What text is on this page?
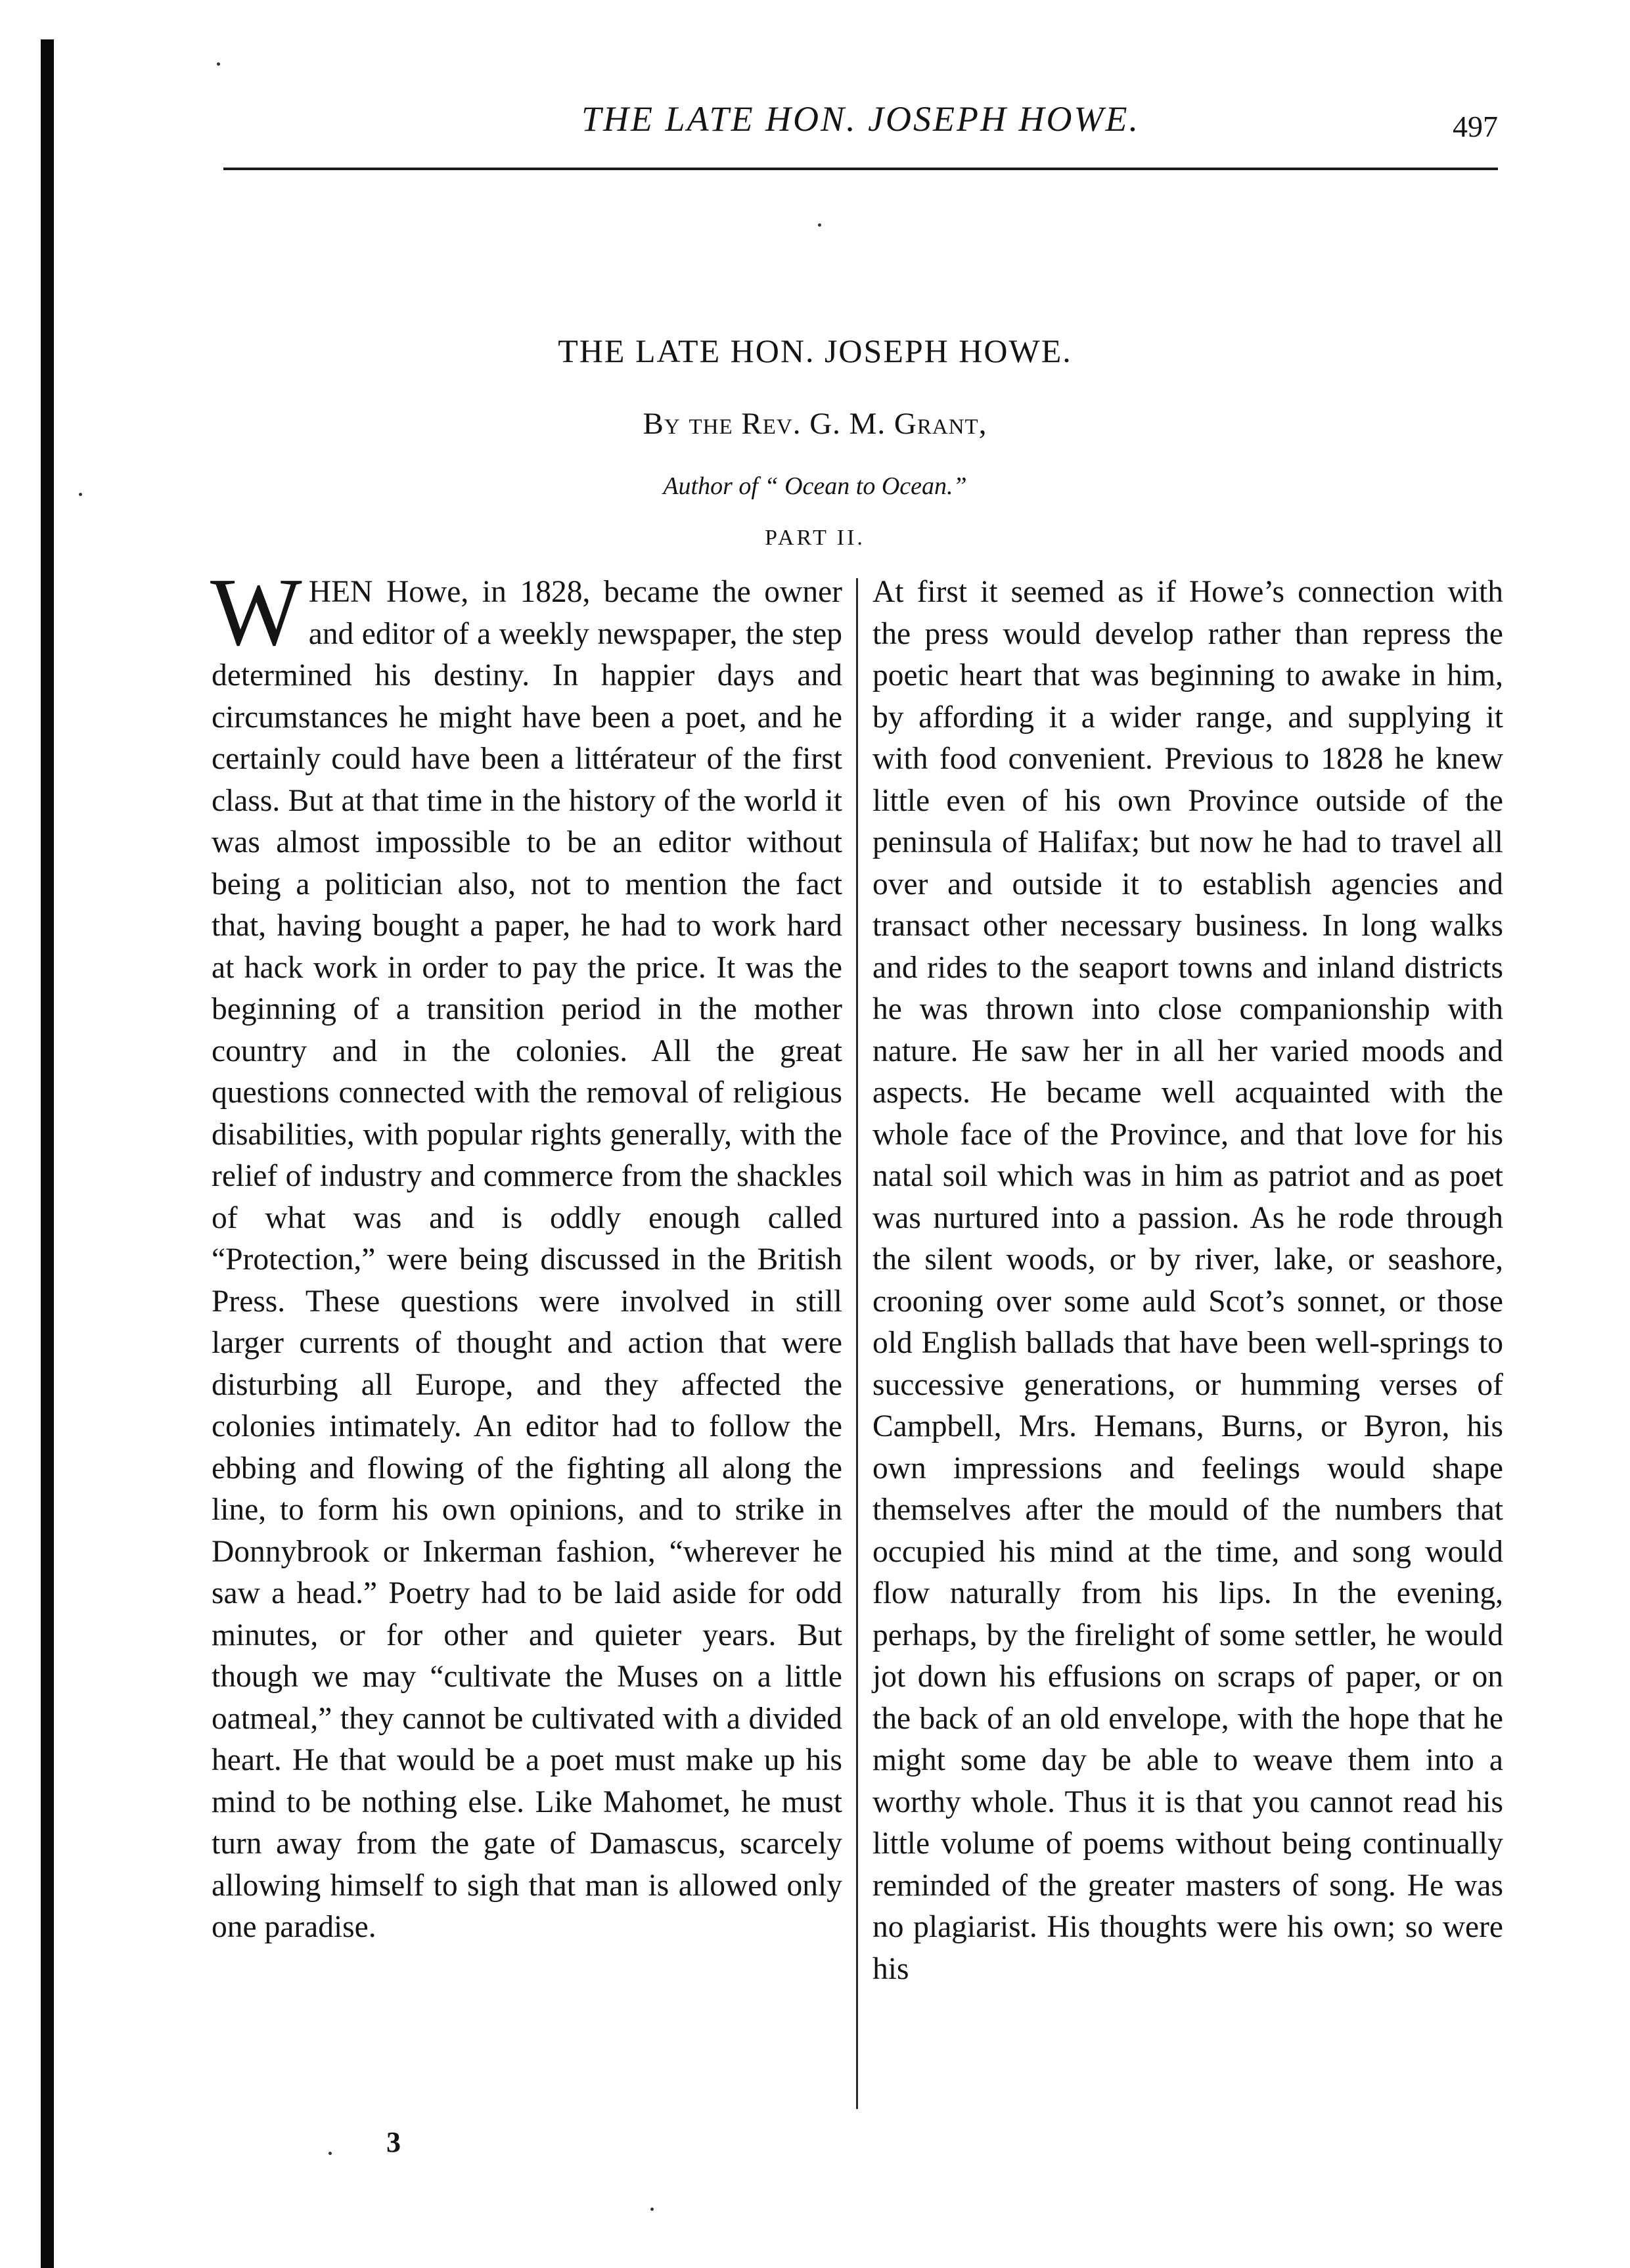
THE LATE HON. JOSEPH HOWE.	497
THE LATE HON. JOSEPH HOWE.
By the Rev. G. M. Grant,
Author of “ Ocean to Ocean.”
PART II.

WHEN Howe, in 1828, became the owner and editor of a weekly newspaper, the step determined his destiny. In happier days and circumstances he might have been a poet, and he certainly could have been a littérateur of the first class. But at that time in the history of the world it was almost impossible to be an editor without being a politician also, not to mention the fact that, having bought a paper, he had to work hard at hack work in order to pay the price. It was the beginning of a transition period in the mother country and in the colonies. All the great questions connected with the removal of religious disabilities, with popular rights generally, with the relief of industry and commerce from the shackles of what was and is oddly enough called “Protection,” were being discussed in the British Press. These questions were involved in still larger currents of thought and action that were disturbing all Europe, and they affected the colonies intimately. An editor had to follow the ebbing and flowing of the fighting all along the line, to form his own opinions, and to strike in Donnybrook or Inkerman fashion, “wherever he saw a head.” Poetry had to be laid aside for odd minutes, or for other and quieter years. But though we may “cultivate the Muses on a little oatmeal,” they cannot be cultivated with a divided heart. He that would be a poet must make up his mind to be nothing else. Like Mahomet, he must turn away from the gate of Damascus, scarcely allowing himself to sigh that man is allowed only one paradise.

At first it seemed as if Howe’s connection with the press would develop rather than repress the poetic heart that was beginning to awake in him, by affording it a wider range, and supplying it with food convenient. Previous to 1828 he knew little even of his own Province outside of the peninsula of Halifax; but now he had to travel all over and outside it to establish agencies and transact other necessary business. In long walks and rides to the seaport towns and inland districts he was thrown into close companionship with nature. He saw her in all her varied moods and aspects. He became well acquainted with the whole face of the Province, and that love for his natal soil which was in him as patriot and as poet was nurtured into a passion. As he rode through the silent woods, or by river, lake, or seashore, crooning over some auld Scot’s sonnet, or those old English ballads that have been well-springs to successive generations, or humming verses of Campbell, Mrs. Hemans, Burns, or Byron, his own impressions and feelings would shape themselves after the mould of the numbers that occupied his mind at the time, and song would flow naturally from his lips. In the evening, perhaps, by the firelight of some settler, he would jot down his effusions on scraps of paper, or on the back of an old envelope, with the hope that he might some day be able to weave them into a worthy whole. Thus it is that you cannot read his little volume of poems without being continually reminded of the greater masters of song. He was no plagiarist. His thoughts were his own; so were his

3
